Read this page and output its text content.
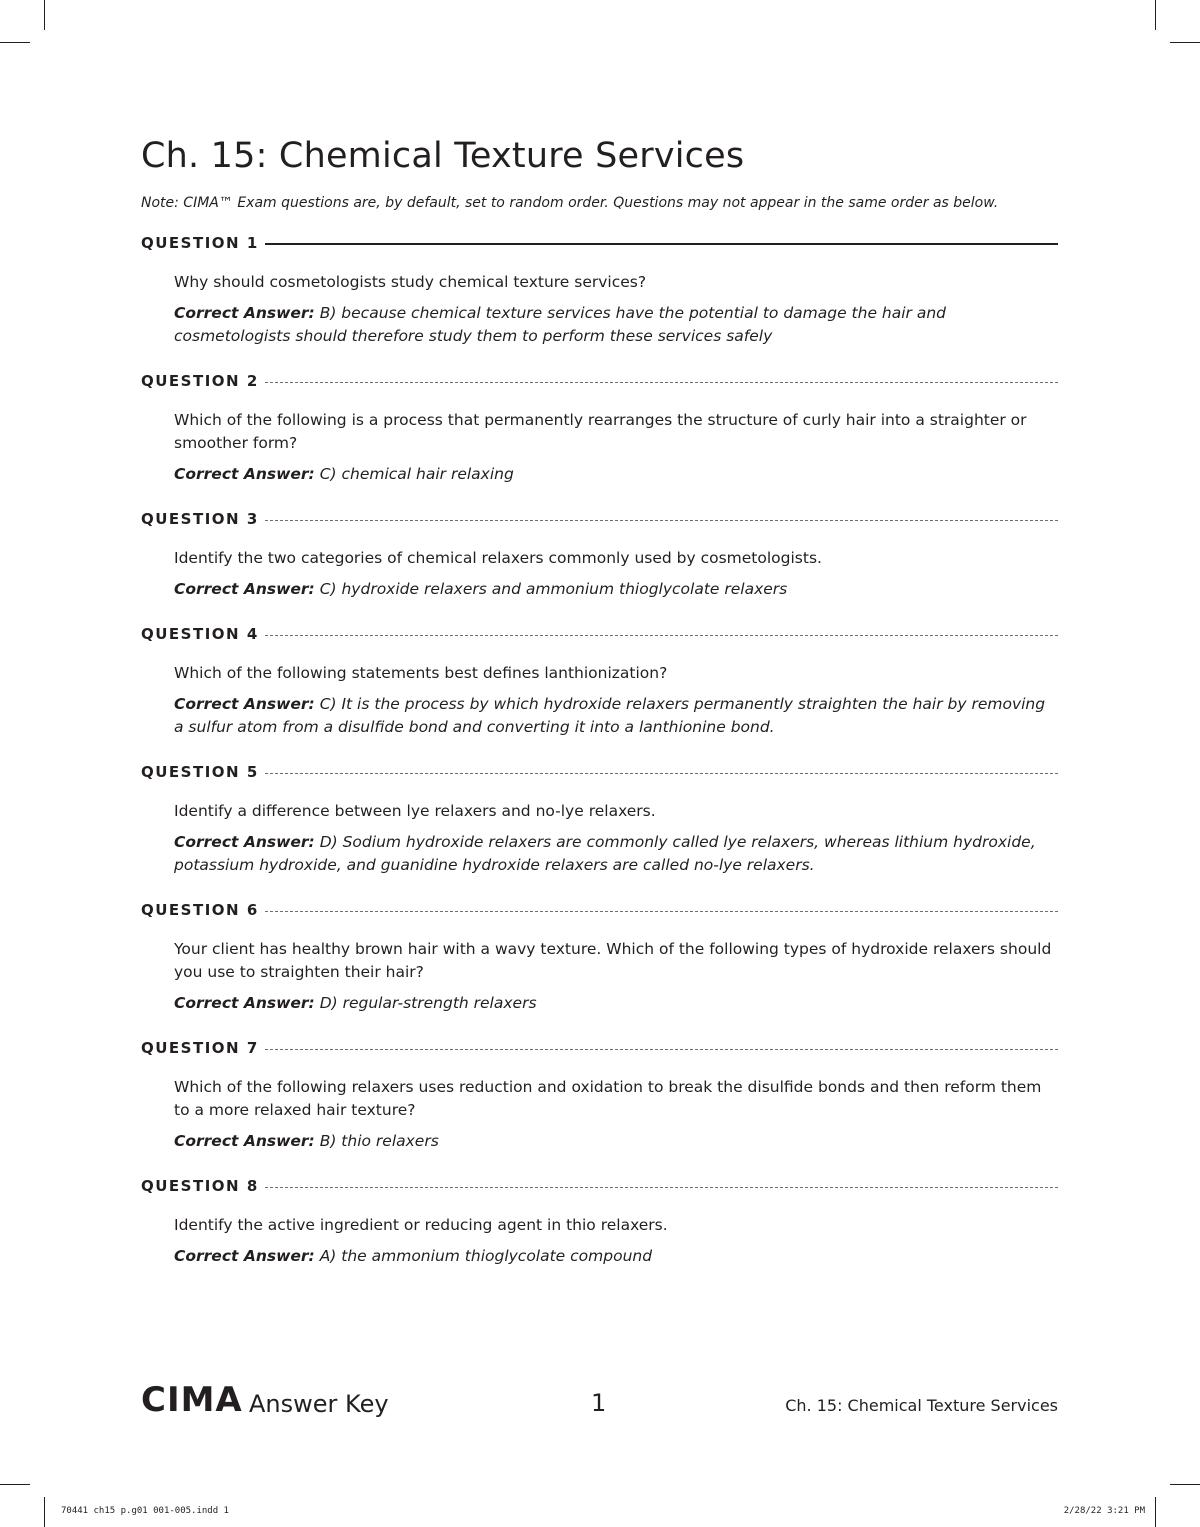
Ch. 15: Chemical Texture Services
Note: CIMA™ Exam questions are, by default, set to random order. Questions may not appear in the same order as below.
QUESTION 1

Why should cosmetologists study chemical texture services?

Correct Answer: B) because chemical texture services have the potential to damage the hair and cosmetologists should therefore study them to perform these services safely

QUESTION 2

Which of the following is a process that permanently rearranges the structure of curly hair into a straighter or smoother form?

Correct Answer: C) chemical hair relaxing

QUESTION 3

Identify the two categories of chemical relaxers commonly used by cosmetologists.

Correct Answer: C) hydroxide relaxers and ammonium thioglycolate relaxers

QUESTION 4

Which of the following statements best defines lanthionization?

Correct Answer: C) It is the process by which hydroxide relaxers permanently straighten the hair by removing a sulfur atom from a disulfide bond and converting it into a lanthionine bond.

QUESTION 5

Identify a difference between lye relaxers and no-lye relaxers.

Correct Answer: D) Sodium hydroxide relaxers are commonly called lye relaxers, whereas lithium hydroxide, potassium hydroxide, and guanidine hydroxide relaxers are called no-lye relaxers.

QUESTION 6

Your client has healthy brown hair with a wavy texture. Which of the following types of hydroxide relaxers should you use to straighten their hair?

Correct Answer: D) regular-strength relaxers

QUESTION 7

Which of the following relaxers uses reduction and oxidation to break the disulfide bonds and then reform them to a more relaxed hair texture?

Correct Answer: B) thio relaxers

QUESTION 8

Identify the active ingredient or reducing agent in thio relaxers.

Correct Answer: A) the ammonium thioglycolate compound

CIMA Answer Key	1	Ch. 15: Chemical Texture Services
70441 ch15 p.g01 001-005.indd 1	2/28/22 3:21 PM
